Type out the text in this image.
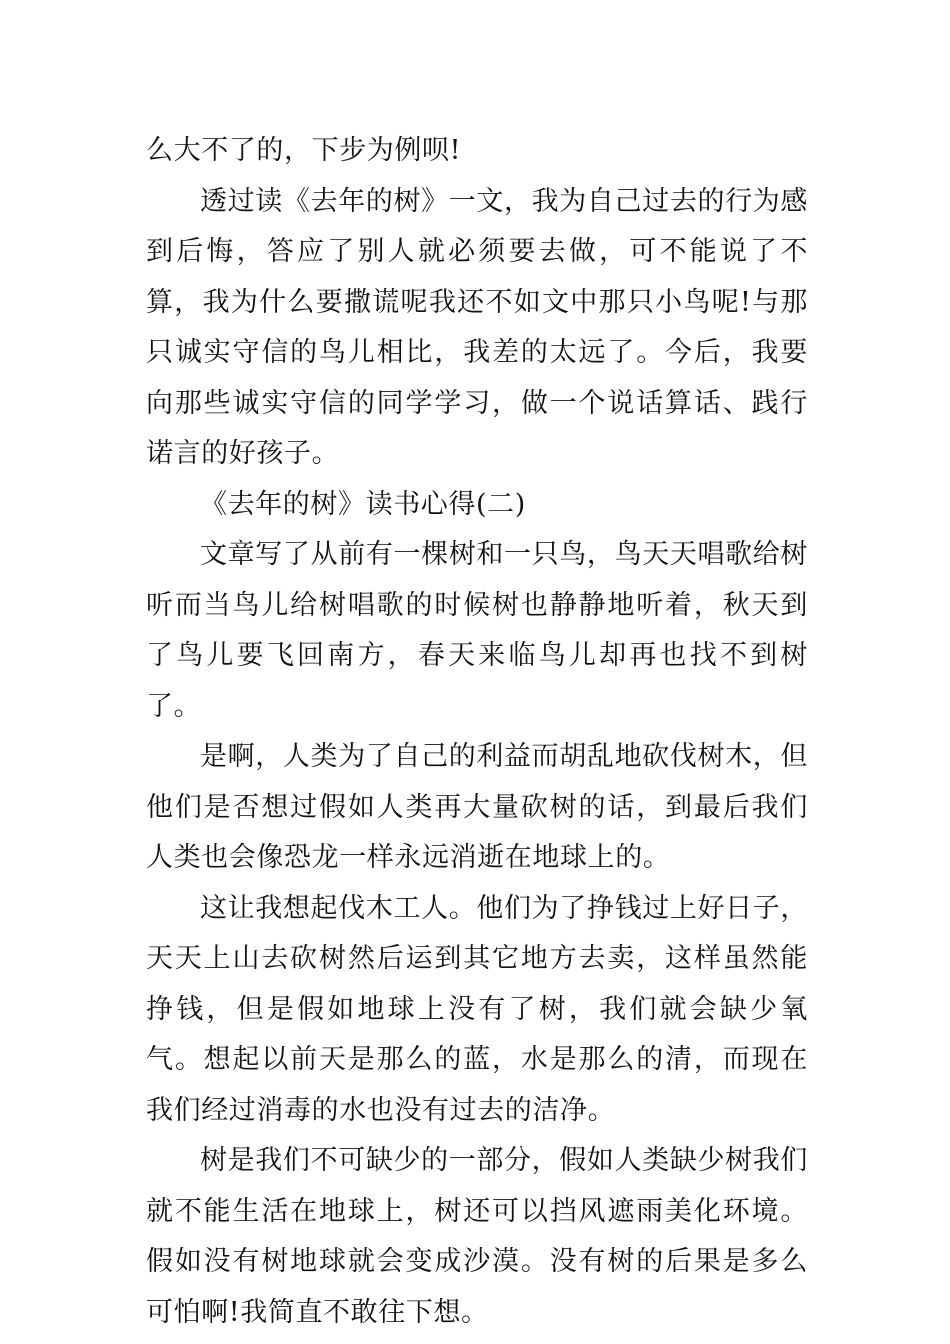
么大不了的，下步为例呗!

透过读《去年的树》一文，我为自己过去的行为感到后悔，答应了别人就必须要去做，可不能说了不算，我为什么要撒谎呢我还不如文中那只小鸟呢!与那只诚实守信的鸟儿相比，我差的太远了。今后，我要向那些诚实守信的同学学习，做一个说话算话、践行诺言的好孩子。

《去年的树》读书心得(二)

文章写了从前有一棵树和一只鸟，鸟天天唱歌给树听而当鸟儿给树唱歌的时候树也静静地听着，秋天到了鸟儿要飞回南方，春天来临鸟儿却再也找不到树了。

是啊，人类为了自己的利益而胡乱地砍伐树木，但他们是否想过假如人类再大量砍树的话，到最后我们人类也会像恐龙一样永远消逝在地球上的。

这让我想起伐木工人。他们为了挣钱过上好日子，天天上山去砍树然后运到其它地方去卖，这样虽然能挣钱，但是假如地球上没有了树，我们就会缺少氧气。想起以前天是那么的蓝，水是那么的清，而现在我们经过消毒的水也没有过去的洁净。

树是我们不可缺少的一部分，假如人类缺少树我们就不能生活在地球上，树还可以挡风遮雨美化环境。假如没有树地球就会变成沙漠。没有树的后果是多么可怕啊!我简直不敢往下想。
